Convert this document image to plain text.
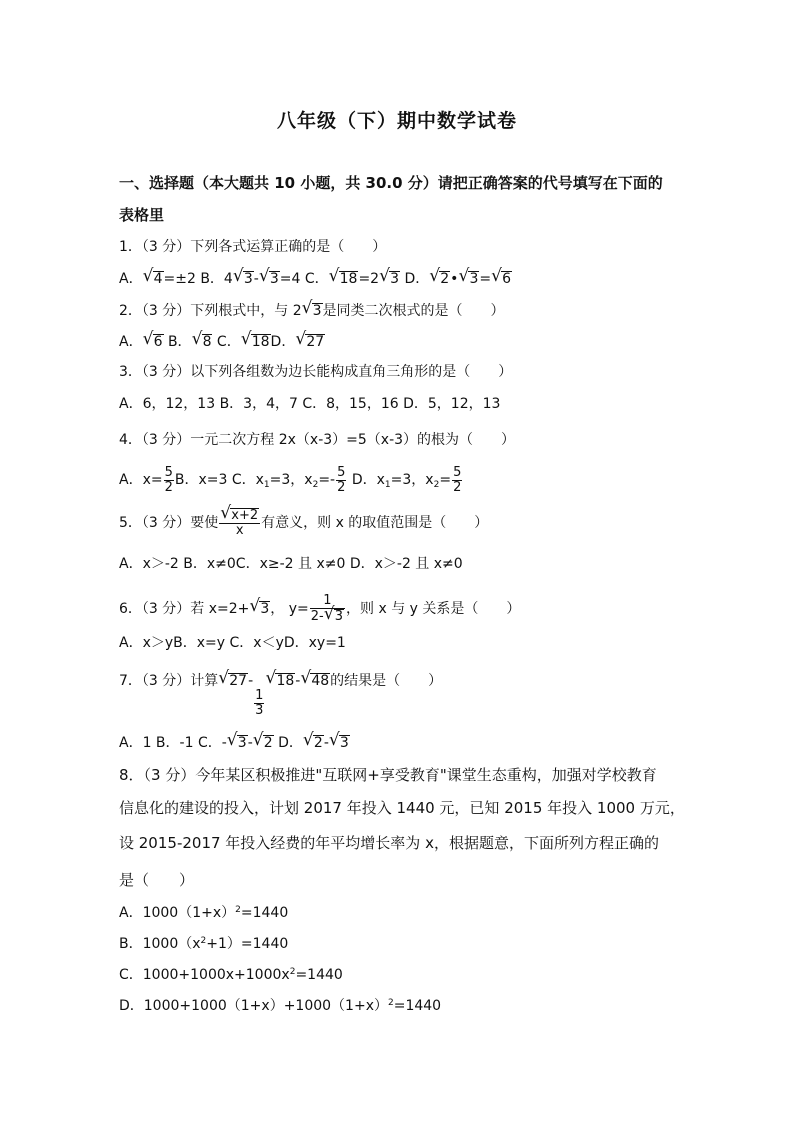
八年级（下）期中数学试卷
一、选择题（本大题共 10 小题，共 30.0 分）请把正确答案的代号填写在下面的
表格里
1．（3 分）下列各式运算正确的是（　　）
A． √ 4=±2 B．4 √ 3- √ 3=4 C． √ 18=2 √ 3 D． √ 2• √ 3= √ 6
2．（3 分）下列根式中，与 2 √ 3是同类二次根式的是（　　）
A． √ 6 B． √ 8 C． √ 18D． √ 27
3．（3 分）以下列各组数为边长能构成直角三角形的是（　　）
A．6，12，13 B．3，4，7 C．8，15，16 D．5，12，13
4．（3 分）一元二次方程 2x（x-3）=5（x-3）的根为（　　）
A．$x= \frac{5}{2}$ B．x=3 C．$x_1=3$，$x_2=- \frac{5}{2}$ D．$x_1=3$，$x_2= \frac{5}{2}$
5．（3 分）要使 √ $\frac{x+2}{x}$ 有意义，则 x 的取值范围是（　　）
A．x＞-2 B．x≠0C．x≥-2 且 x≠0 D．x＞-2 且 x≠0
6．（3 分）若 x=2+ √ 3， $y= \frac{1}{2- √ 3}$ ，则 x 与 y 关系是（　　）
A．x＞yB．x=y C．x＜yD．xy=1
7．（3 分）计算 √ 27-
$\frac{1}{3}$
√ 18- √ 48的结果是（　　）
A．1 B．-1 C．- √ 3- √ 2 D． √ 2- √ 3
8．（3 分）今年某区积极推进"互联网+享受教育"课堂生态重构，加强对学校教育
信息化的建设的投入，计划 2017 年投入 1440 元，已知 2015 年投入 1000 万元，
设 2015-2017 年投入经费的年平均增长率为 x，根据题意，下面所列方程正确的
是（　　）
A．$1000(1+x)^2=1440$
B．$1000(x^2+1)=1440$
C．$1000+1000x+1000x^2=1440$
D．$1000+1000(1+x)+1000(1+x)^2=1440$
